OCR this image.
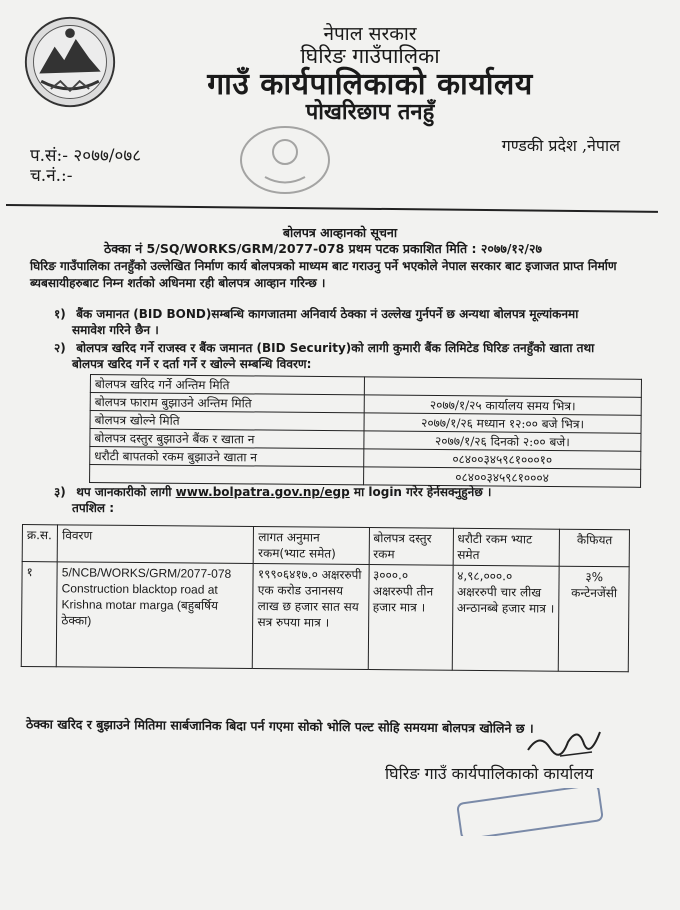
नेपाल सरकार
घिरिङ गाउँपालिका
गाउँ कार्यपालिकाको कार्यालय
पोखरिछाप तनहुँ
प.सं:- २०७७/०७८
च.नं.:-
गण्डकी प्रदेश ,नेपाल
बोलपत्र आव्हानको सूचना
ठेक्का नं 5/SQ/WORKS/GRM/2077-078 प्रथम पटक प्रकाशित मिति : २०७७/१२/२७
घिरिङ गाउँपालिका तनहुँको उल्लेखित निर्माण कार्य बोलपत्रको माध्यम बाट गराउनु पर्ने भएकोले नेपाल सरकार बाट इजाजत प्राप्त निर्माण ब्यबसायीहरुबाट निम्न शर्तको अधिनमा रही बोलपत्र आव्हान गरिन्छ ।
१) बैंक जमानत (BID BOND)सम्बन्धि कागजातमा अनिवार्य ठेक्का नं उल्लेख गुर्नपर्ने छ अन्यथा बोलपत्र मूल्यांकनमा
समावेश गरिने छैन ।
२) बोलपत्र खरिद गर्ने राजस्व र बैंक जमानत (BID Security)को लागी कुमारी बैंक लिमिटेड घिरिङ तनहुँको खाता तथा
बोलपत्र खरिद गर्ने र दर्ता गर्ने र खोल्ने सम्बन्धि विवरण:
बोलपत्र खरिद गर्ने अन्तिम मिति	
बोलपत्र फाराम बुझाउने अन्तिम मिति	२०७७/१/२५ कार्यालय समय भित्र।
बोलपत्र खोल्ने मिति	२०७७/१/२६ मध्यान १२:०० बजे भित्र।
बोलपत्र दस्तुर बुझाउने बैंक र खाता न	२०७७/१/२६ दिनको २:०० बजे।
धरौटी बापतको रकम बुझाउने खाता न	०८४००३४५९८१०००१०
	०८४००३४५९८१०००४
३) थप जानकारीको लागी www.bolpatra.gov.np/egp मा login गरेर हेर्नसक्नुहुनेछ ।
तपशिल :
क्र.स.	विवरण	लागत अनुमान रकम(भ्याट समेत)	बोलपत्र दस्तुर रकम	धरौटी रकम भ्याट समेत	कैफियत
१	5/NCB/WORKS/GRM/2077-078 Construction blacktop road at Krishna motar marga (बहुबर्षिय ठेक्का)	१९९०६४१७.० अक्षररुपी एक करोड उनानसय लाख छ हजार सात सय सत्र रुपया मात्र ।	३०००.० अक्षररुपी तीन हजार मात्र ।	४,९८,०००.० अक्षररुपी चार लीख अन्ठानब्बे हजार मात्र ।	३% कन्टेनजेंसी
ठेक्का खरिद र बुझाउने मितिमा सार्बजानिक बिदा पर्न गएमा सोको भोलि पल्ट सोहि समयमा बोलपत्र खोलिने छ ।
घिरिङ गाउँ कार्यपालिकाको कार्यालय
